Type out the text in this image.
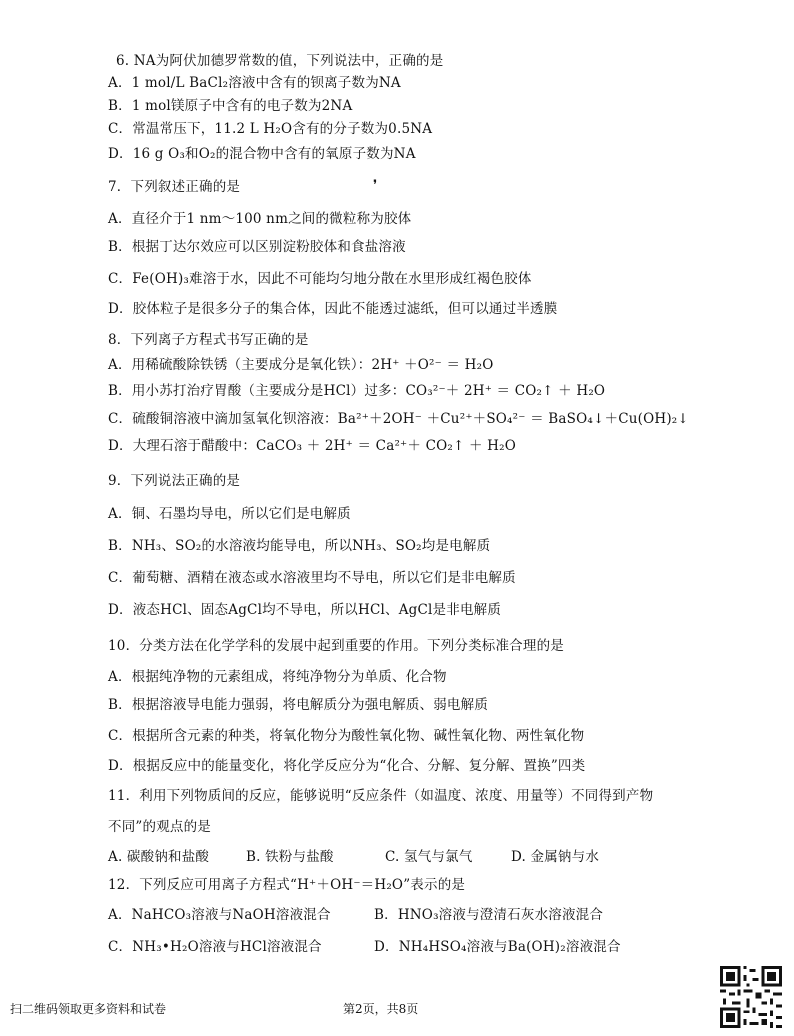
6. NA为阿伏加德罗常数的值，下列说法中，正确的是
A．1 mol/L BaCl₂溶液中含有的钡离子数为NA
B．1 mol镁原子中含有的电子数为2NA
C．常温常压下，11.2 L H₂O含有的分子数为0.5NA
D．16 g O₃和O₂的混合物中含有的氧原子数为NA
7．下列叙述正确的是	❜
A．直径介于1 nm～100 nm之间的微粒称为胶体
B．根据丁达尔效应可以区别淀粉胶体和食盐溶液
C．Fe(OH)₃难溶于水，因此不可能均匀地分散在水里形成红褐色胶体
D．胶体粒子是很多分子的集合体，因此不能透过滤纸，但可以通过半透膜
8．下列离子方程式书写正确的是
A．用稀硫酸除铁锈（主要成分是氧化铁）：2H⁺ ＋O²⁻ ＝ H₂O
B．用小苏打治疗胃酸（主要成分是HCl）过多：CO₃²⁻＋ 2H⁺ ＝ CO₂↑ ＋ H₂O
C．硫酸铜溶液中滴加氢氧化钡溶液：Ba²⁺＋2OH⁻ ＋Cu²⁺＋SO₄²⁻ ＝ BaSO₄↓＋Cu(OH)₂↓
D．大理石溶于醋酸中：CaCO₃ ＋ 2H⁺ ＝ Ca²⁺＋ CO₂↑ ＋ H₂O
9．下列说法正确的是
A．铜、石墨均导电，所以它们是电解质
B．NH₃、SO₂的水溶液均能导电，所以NH₃、SO₂均是电解质
C．葡萄糖、酒精在液态或水溶液里均不导电，所以它们是非电解质
D．液态HCl、固态AgCl均不导电，所以HCl、AgCl是非电解质
10．分类方法在化学学科的发展中起到重要的作用。下列分类标准合理的是
A．根据纯净物的元素组成，将纯净物分为单质、化合物
B．根据溶液导电能力强弱，将电解质分为强电解质、弱电解质
C．根据所含元素的种类，将氧化物分为酸性氧化物、碱性氧化物、两性氧化物
D．根据反应中的能量变化，将化学反应分为“化合、分解、复分解、置换”四类
11．利用下列物质间的反应，能够说明“反应条件（如温度、浓度、用量等）不同得到产物
不同”的观点的是
A. 碳酸钠和盐酸	B. 铁粉与盐酸	C. 氢气与氯气	D. 金属钠与水
12．下列反应可用离子方程式“H⁺＋OH⁻＝H₂O”表示的是
A．NaHCO₃溶液与NaOH溶液混合	B．HNO₃溶液与澄清石灰水溶液混合
C．NH₃•H₂O溶液与HCl溶液混合	D．NH₄HSO₄溶液与Ba(OH)₂溶液混合
扫二维码领取更多资料和试卷	第2页，共8页
